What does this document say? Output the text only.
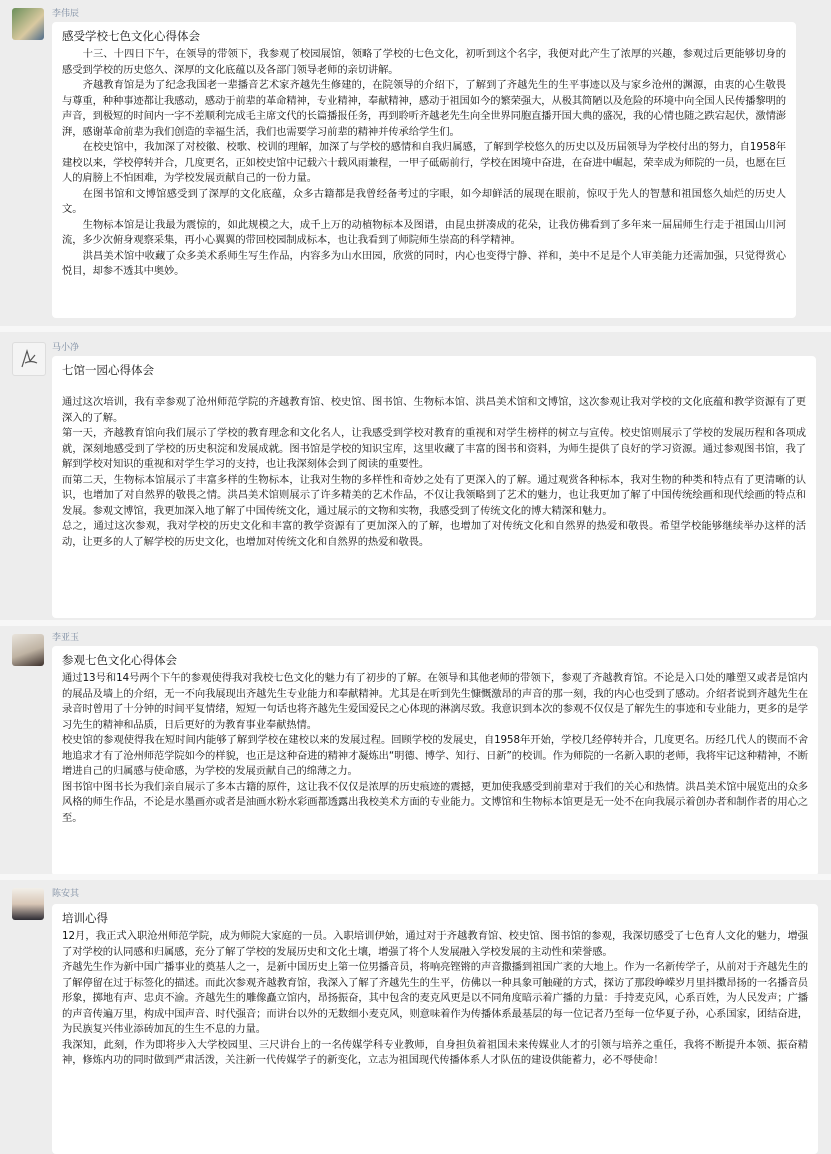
李伟辰
感受学校七色文化心得体会

十三、十四日下午，在领导的带领下，我参观了校园展馆，领略了学校的七色文化，初听到这个名字，我便对此产生了浓厚的兴趣，参观过后更能够切身的感受到学校的历史悠久、深厚的文化底蕴以及各部门领导老师的亲切讲解。

齐越教育馆是为了纪念我国老一辈播音艺术家齐越先生修建的，在院领导的介绍下，了解到了齐越先生的生平事迹以及与家乡沧州的渊源，由衷的心生敬畏与尊重，种种事迹都让我感动，感动于前辈的革命精神，专业精神，奉献精神，感动于祖国如今的繁荣强大，从极其简陋以及危险的环境中向全国人民传播黎明的声音，到极短的时间内一字不差顺利完成毛主席文代的长篇播报任务，再到聆听齐越老先生向全世界同胞直播开国大典的盛况，我的心情也随之跌宕起伏，激情澎湃，感谢革命前辈为我们创造的幸福生活，我们也需要学习前辈的精神并传承给学生们。

在校史馆中，我加深了对校徽、校歌、校训的理解，加深了与学校的感情和自我归属感，了解到学校悠久的历史以及历届领导为学校付出的努力，自1958年建校以来，学校停转并合，几度更名，正如校史馆中记载六十载风雨兼程，一甲子砥砺前行，学校在困境中奋进，在奋进中崛起，荣幸成为师院的一员，也愿在巨人的肩膀上不怕困难，为学校发展贡献自己的一份力量。

在图书馆和文博馆感受到了深厚的文化底蕴，众多古籍都是我曾经备考过的字眼，如今却鲜活的展现在眼前，惊叹于先人的智慧和祖国悠久灿烂的历史人文。

生物标本馆是让我最为震惊的，如此规模之大，成千上万的动植物标本及图谱，由昆虫拼凑成的花朵，让我仿佛看到了多年来一届届师生行走于祖国山川河流，多少次俯身观察采集，再小心翼翼的带回校园制成标本，也让我看到了师院师生崇高的科学精神。

洪昌美术馆中收藏了众多美术系师生写生作品，内容多为山水田园，欣赏的同时，内心也变得宁静、祥和，美中不足是个人审美能力还需加强，只觉得赏心悦目，却参不透其中奥妙。

马小净
七馆一园心得体会

通过这次培训，我有幸参观了沧州师范学院的齐越教育馆、校史馆、图书馆、生物标本馆、洪昌美术馆和文博馆，这次参观让我对学校的文化底蕴和教学资源有了更深入的了解。

第一天，齐越教育馆向我们展示了学校的教育理念和文化名人，让我感受到学校对教育的重视和对学生榜样的树立与宣传。校史馆则展示了学校的发展历程和各项成就，深刻地感受到了学校的历史积淀和发展成就。图书馆是学校的知识宝库，这里收藏了丰富的图书和资料，为师生提供了良好的学习资源。通过参观图书馆，我了解到学校对知识的重视和对学生学习的支持，也让我深刻体会到了阅读的重要性。

而第二天，生物标本馆展示了丰富多样的生物标本，让我对生物的多样性和奇妙之处有了更深入的了解。通过观赏各种标本，我对生物的种类和特点有了更清晰的认识，也增加了对自然界的敬畏之情。洪昌美术馆则展示了许多精美的艺术作品，不仅让我领略到了艺术的魅力，也让我更加了解了中国传统绘画和现代绘画的特点和发展。参观文博馆，我更加深入地了解了中国传统文化，通过展示的文物和实物，我感受到了传统文化的博大精深和魅力。

总之，通过这次参观，我对学校的历史文化和丰富的教学资源有了更加深入的了解，也增加了对传统文化和自然界的热爱和敬畏。希望学校能够继续举办这样的活动，让更多的人了解学校的历史文化，也增加对传统文化和自然界的热爱和敬畏。

李亚玉
参观七色文化心得体会

通过13号和14号两个下午的参观使得我对我校七色文化的魅力有了初步的了解。在领导和其他老师的带领下，参观了齐越教育馆。不论是入口处的雕塑又或者是馆内的展品及墙上的介绍，无一不向我展现出齐越先生专业能力和奉献精神。尤其是在听到先生慷慨激昂的声音的那一刻，我的内心也受到了感动。介绍者说到齐越先生在录音时曾用了十分钟的时间平复情绪，短短一句话也将齐越先生爱国爱民之心体现的淋漓尽致。我意识到本次的参观不仅仅是了解先生的事迹和专业能力，更多的是学习先生的精神和品质，日后更好的为教育事业奉献热情。

校史馆的参观使得我在短时间内能够了解到学校在建校以来的发展过程。回顾学校的发展史，自1958年开始，学校几经停转并合，几度更名。历经几代人的锲而不舍地追求才有了沧州师范学院如今的样貌，也正是这种奋进的精神才凝炼出“明德、博学、知行、日新”的校训。作为师院的一名新入职的老师，我将牢记这种精神，不断增进自己的归属感与使命感，为学校的发展贡献自己的绵薄之力。

图书馆中图书长为我们亲自展示了多本古籍的原件，这让我不仅仅是浓厚的历史痕迹的震撼，更加使我感受到前辈对于我们的关心和热情。洪昌美术馆中展览出的众多风格的师生作品，不论是水墨画亦或者是油画水粉水彩画都透露出我校美术方面的专业能力。文博馆和生物标本馆更是无一处不在向我展示着创办者和制作者的用心之至。

陈安其
培训心得

12月，我正式入职沧州师范学院，成为师院大家庭的一员。入职培训伊始，通过对于齐越教育馆、校史馆、图书馆的参观，我深切感受了七色育人文化的魅力，增强了对学校的认同感和归属感，充分了解了学校的发展历史和文化土壤，增强了将个人发展融入学校发展的主动性和荣誉感。

齐越先生作为新中国广播事业的奠基人之一，是新中国历史上第一位男播音员，将响亮铿锵的声音撒播到祖国广袤的大地上。作为一名新传学子，从前对于齐越先生的了解停留在过于标签化的描述。而此次参观齐越教育馆，我深入了解了齐越先生的生平，仿佛以一种具象可触碰的方式，探访了那段峥嵘岁月里抖擞昂扬的一名播音员形象，掷地有声、忠贞不渝。齐越先生的雕像矗立馆内，昂扬振奋，其中包含的麦克风更是以不同角度暗示着广播的力量：手持麦克风，心系百姓，为人民发声；广播的声音传遍万里，构成中国声音、时代强音；而讲台以外的无数细小麦克风，则意味着作为传播体系最基层的每一位记者乃至每一位华夏子孙，心系国家，团结奋进，为民族复兴伟业添砖加瓦的生生不息的力量。

我深知，此刻，作为即将步入大学校园里、三尺讲台上的一名传媒学科专业教师，自身担负着祖国未来传媒业人才的引领与培养之重任，我将不断提升本领、振奋精神，修炼内功的同时做到严肃活泼，关注新一代传媒学子的新变化，立志为祖国现代传播体系人才队伍的建设供能蓄力，必不辱使命！
